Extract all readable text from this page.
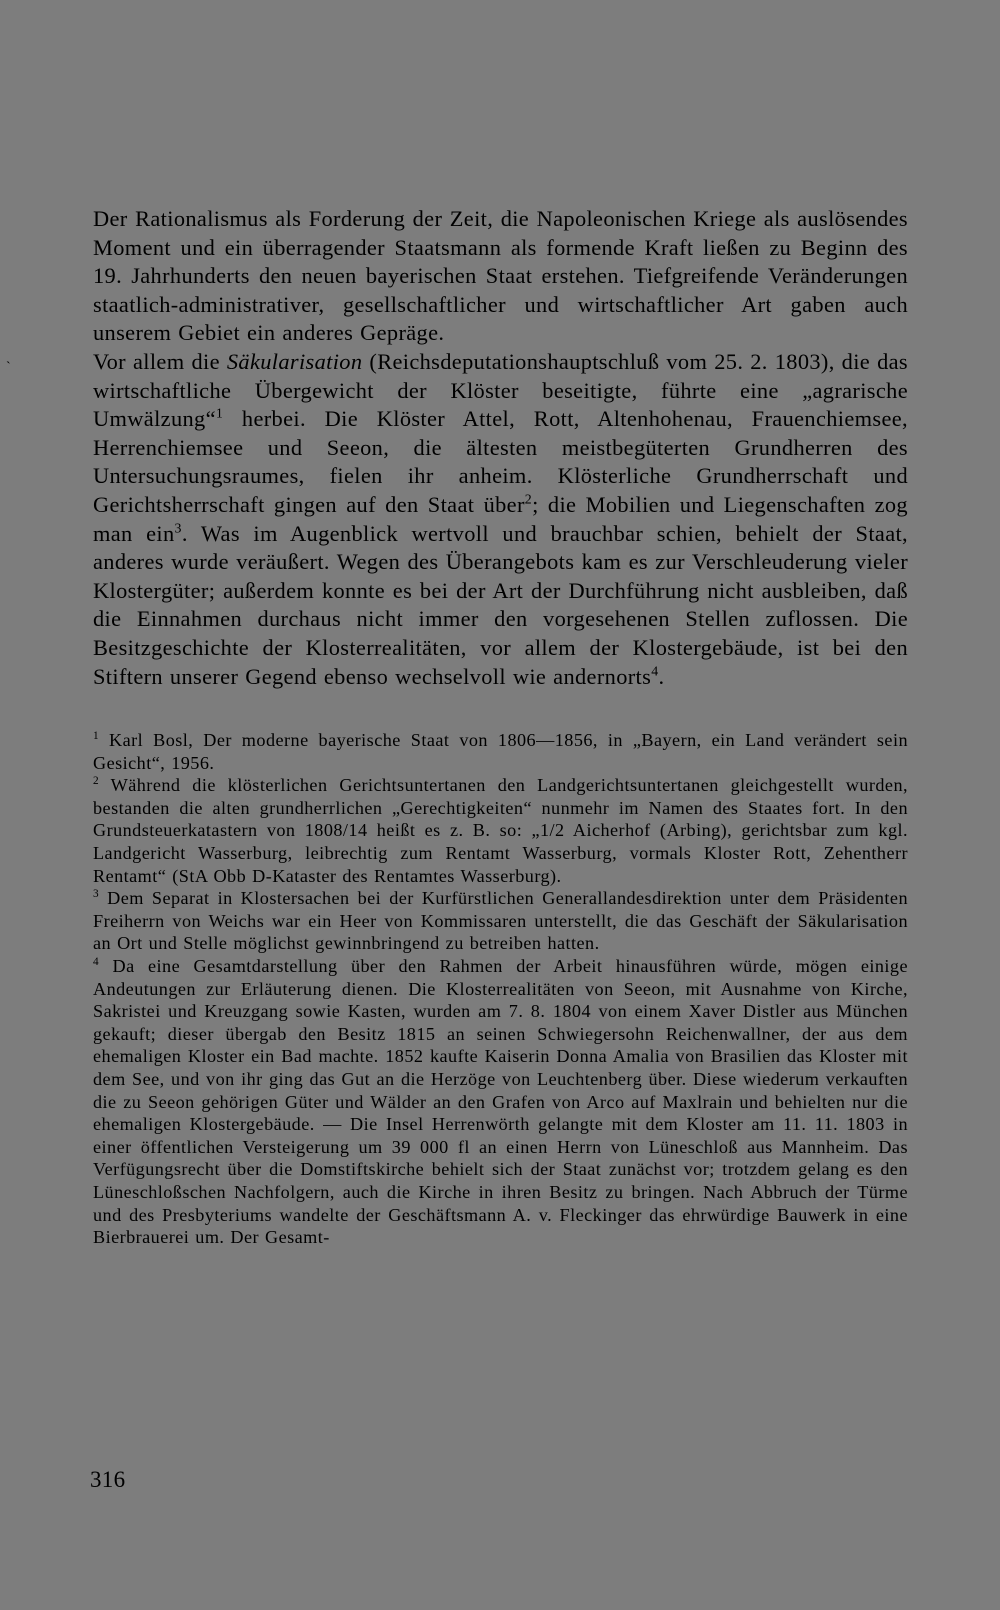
ˋ

Der Rationalismus als Forderung der Zeit, die Napoleonischen Kriege als auslösendes Moment und ein überragender Staatsmann als formende Kraft ließen zu Beginn des 19. Jahrhunderts den neuen bayerischen Staat erstehen. Tiefgreifende Veränderungen staatlich-administrativer, gesellschaftlicher und wirtschaftlicher Art gaben auch unserem Gebiet ein anderes Gepräge.

Vor allem die Säkularisation (Reichsdeputationshauptschluß vom 25. 2. 1803), die das wirtschaftliche Übergewicht der Klöster beseitigte, führte eine „agrarische Umwälzung“$^1$ herbei. Die Klöster Attel, Rott, Altenhohenau, Frauenchiemsee, Herrenchiemsee und Seeon, die ältesten meistbegüterten Grundherren des Untersuchungsraumes, fielen ihr anheim. Klösterliche Grundherrschaft und Gerichtsherrschaft gingen auf den Staat über$^2$; die Mobilien und Liegenschaften zog man ein$^3$. Was im Augenblick wertvoll und brauchbar schien, behielt der Staat, anderes wurde veräußert. Wegen des Überangebots kam es zur Verschleuderung vieler Klostergüter; außerdem konnte es bei der Art der Durchführung nicht ausbleiben, daß die Einnahmen durchaus nicht immer den vorgesehenen Stellen zuflossen. Die Besitzgeschichte der Klosterrealitäten, vor allem der Klostergebäude, ist bei den Stiftern unserer Gegend ebenso wechselvoll wie andernorts$^4$.

$^1$ Karl Bosl, Der moderne bayerische Staat von 1806—1856, in „Bayern, ein Land verändert sein Gesicht“, 1956.

$^2$ Während die klösterlichen Gerichtsuntertanen den Landgerichtsuntertanen gleichgestellt wurden, bestanden die alten grundherrlichen „Gerechtigkeiten“ nunmehr im Namen des Staates fort. In den Grundsteuerkatastern von 1808/14 heißt es z. B. so: „1/2 Aicherhof (Arbing), gerichtsbar zum kgl. Landgericht Wasserburg, leibrechtig zum Rentamt Wasserburg, vormals Kloster Rott, Zehentherr Rentamt“ (StA Obb D-Kataster des Rentamtes Wasserburg).

$^3$ Dem Separat in Klostersachen bei der Kurfürstlichen Generallandesdirektion unter dem Präsidenten Freiherrn von Weichs war ein Heer von Kommissaren unterstellt, die das Geschäft der Säkularisation an Ort und Stelle möglichst gewinnbringend zu betreiben hatten.

$^4$ Da eine Gesamtdarstellung über den Rahmen der Arbeit hinausführen würde, mögen einige Andeutungen zur Erläuterung dienen. Die Klosterrealitäten von Seeon, mit Ausnahme von Kirche, Sakristei und Kreuzgang sowie Kasten, wurden am 7. 8. 1804 von einem Xaver Distler aus München gekauft; dieser übergab den Besitz 1815 an seinen Schwiegersohn Reichenwallner, der aus dem ehemaligen Kloster ein Bad machte. 1852 kaufte Kaiserin Donna Amalia von Brasilien das Kloster mit dem See, und von ihr ging das Gut an die Herzöge von Leuchtenberg über. Diese wiederum verkauften die zu Seeon gehörigen Güter und Wälder an den Grafen von Arco auf Maxlrain und behielten nur die ehemaligen Klostergebäude. — Die Insel Herrenwörth gelangte mit dem Kloster am 11. 11. 1803 in einer öffentlichen Versteigerung um 39 000 fl an einen Herrn von Lüneschloß aus Mannheim. Das Verfügungsrecht über die Domstiftskirche behielt sich der Staat zunächst vor; trotzdem gelang es den Lüneschloßschen Nachfolgern, auch die Kirche in ihren Besitz zu bringen. Nach Abbruch der Türme und des Presbyteriums wandelte der Geschäftsmann A. v. Fleckinger das ehrwürdige Bauwerk in eine Bierbrauerei um. Der Gesamt-

316
